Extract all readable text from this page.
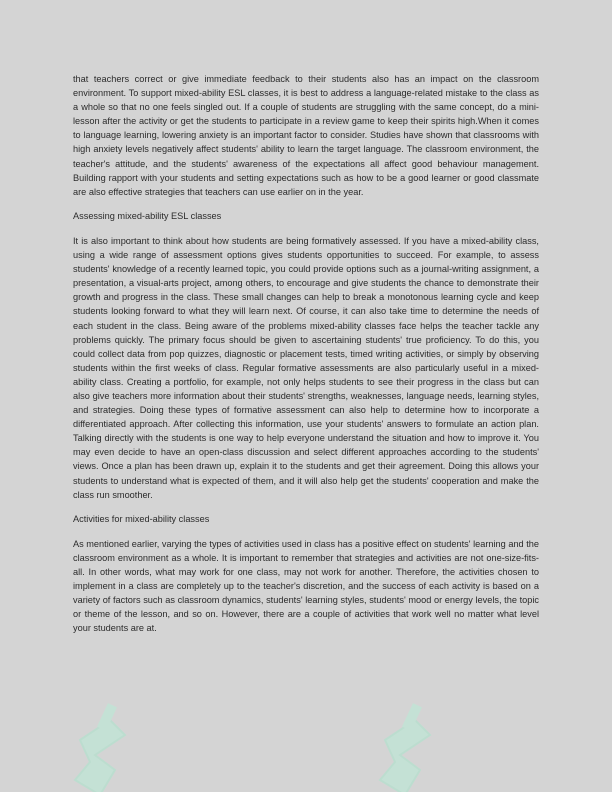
that teachers correct or give immediate feedback to their students also has an impact on the classroom environment. To support mixed-ability ESL classes, it is best to address a language-related mistake to the class as a whole so that no one feels singled out. If a couple of students are struggling with the same concept, do a mini-lesson after the activity or get the students to participate in a review game to keep their spirits high.When it comes to language learning, lowering anxiety is an important factor to consider. Studies have shown that classrooms with high anxiety levels negatively affect students' ability to learn the target language. The classroom environment, the teacher's attitude, and the students' awareness of the expectations all affect good behaviour management. Building rapport with your students and setting expectations such as how to be a good learner or good classmate are also effective strategies that teachers can use earlier on in the year.

Assessing mixed-ability ESL classes

It is also important to think about how students are being formatively assessed. If you have a mixed-ability class, using a wide range of assessment options gives students opportunities to succeed. For example, to assess students' knowledge of a recently learned topic, you could provide options such as a journal-writing assignment, a presentation, a visual-arts project, among others, to encourage and give students the chance to demonstrate their growth and progress in the class. These small changes can help to break a monotonous learning cycle and keep students looking forward to what they will learn next. Of course, it can also take time to determine the needs of each student in the class. Being aware of the problems mixed-ability classes face helps the teacher tackle any problems quickly. The primary focus should be given to ascertaining students' true proficiency. To do this, you could collect data from pop quizzes, diagnostic or placement tests, timed writing activities, or simply by observing students within the first weeks of class. Regular formative assessments are also particularly useful in a mixed-ability class. Creating a portfolio, for example, not only helps students to see their progress in the class but can also give teachers more information about their students' strengths, weaknesses, language needs, learning styles, and strategies. Doing these types of formative assessment can also help to determine how to incorporate a differentiated approach. After collecting this information, use your students' answers to formulate an action plan. Talking directly with the students is one way to help everyone understand the situation and how to improve it. You may even decide to have an open-class discussion and select different approaches according to the students' views. Once a plan has been drawn up, explain it to the students and get their agreement. Doing this allows your students to understand what is expected of them, and it will also help get the students' cooperation and make the class run smoother.

Activities for mixed-ability classes

As mentioned earlier, varying the types of activities used in class has a positive effect on students' learning and the classroom environment as a whole. It is important to remember that strategies and activities are not one-size-fits-all. In other words, what may work for one class, may not work for another. Therefore, the activities chosen to implement in a class are completely up to the teacher's discretion, and the success of each activity is based on a variety of factors such as classroom dynamics, students' learning styles, students' mood or energy levels, the topic or theme of the lesson, and so on. However, there are a couple of activities that work well no matter what level your students are at.
